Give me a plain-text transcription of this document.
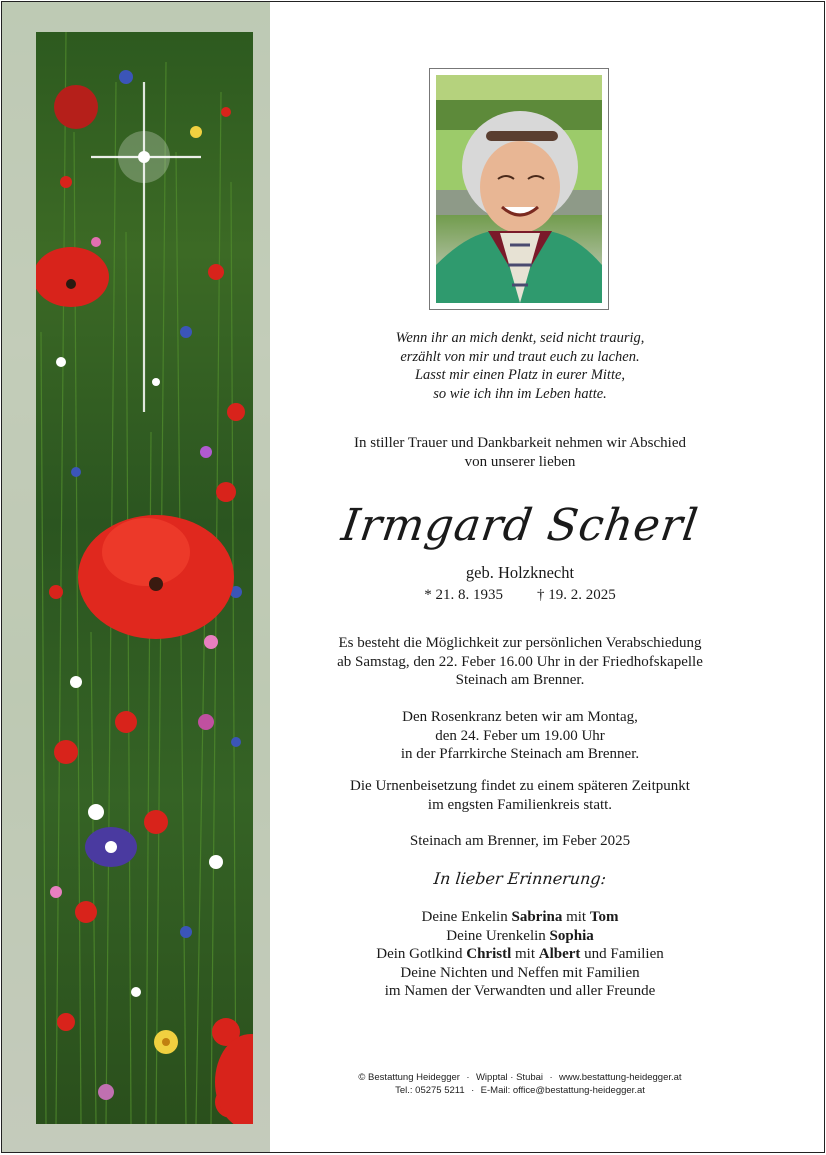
Wenn ihr an mich denkt, seid nicht traurig,
erzählt von mir und traut euch zu lachen.
Lasst mir einen Platz in eurer Mitte,
so wie ich ihn im Leben hatte.
In stiller Trauer und Dankbarkeit nehmen wir Abschied
von unserer lieben
Irmgard Scherl
geb. Holzknecht
* 21. 8. 1935 † 19. 2. 2025
Es besteht die Möglichkeit zur persönlichen Verabschiedung
ab Samstag, den 22. Feber 16.00 Uhr in der Friedhofskapelle
Steinach am Brenner.
Den Rosenkranz beten wir am Montag,
den 24. Feber um 19.00 Uhr
in der Pfarrkirche Steinach am Brenner.
Die Urnenbeisetzung findet zu einem späteren Zeitpunkt
im engsten Familienkreis statt.
Steinach am Brenner, im Feber 2025
In lieber Erinnerung:
Deine Enkelin Sabrina mit Tom
Deine Urenkelin Sophia
Dein Gotlkind Christl mit Albert und Familien
Deine Nichten und Neffen mit Familien
im Namen der Verwandten und aller Freunde
© Bestattung Heidegger · Wipptal · Stubai · www.bestattung-heidegger.at
Tel.: 05275 5211 · E-Mail: office@bestattung-heidegger.at
